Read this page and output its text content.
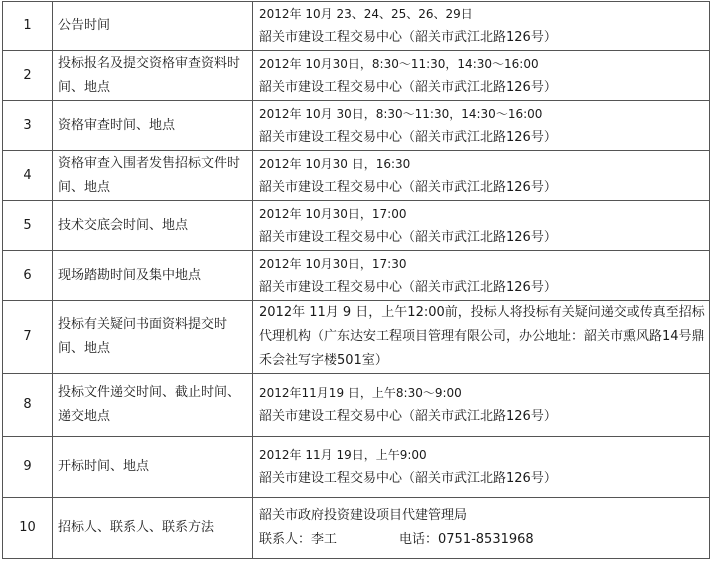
1	公告时间	2012年 10月 23、24、25、26、29日
韶关市建设工程交易中心（韶关市武江北路126号）

2	投标报名及提交资格审查资料时间、地点	2012年 10月30日，8:30～11:30，14:30～16:00
韶关市建设工程交易中心（韶关市武江北路126号）

3	资格审查时间、地点	2012年 10月 30日，8:30～11:30，14:30～16:00
韶关市建设工程交易中心（韶关市武江北路126号）

4	资格审查入围者发售招标文件时间、地点	2012年 10月30 日，16:30
韶关市建设工程交易中心（韶关市武江北路126号）

5	技术交底会时间、地点	2012年 10月30日，17:00
韶关市建设工程交易中心（韶关市武江北路126号）

6	现场踏勘时间及集中地点	2012年 10月30日，17:30
韶关市建设工程交易中心（韶关市武江北路126号）

7	投标有关疑问书面资料提交时间、地点	2012年 11月 9 日，上午12:00前，投标人将投标有关疑问递交或传真至招标代理机构（广东达安工程项目管理有限公司，办公地址：韶关市熏风路14号鼎禾会社写字楼501室）

8	投标文件递交时间、截止时间、递交地点	2012年11月19 日，上午8:30～9:00
韶关市建设工程交易中心（韶关市武江北路126号）

9	开标时间、地点	2012年 11月 19日，上午9:00
韶关市建设工程交易中心（韶关市武江北路126号）

10	招标人、联系人、联系方法	韶关市政府投资建设项目代建管理局
联系人：李工 电话：0751-8531968
